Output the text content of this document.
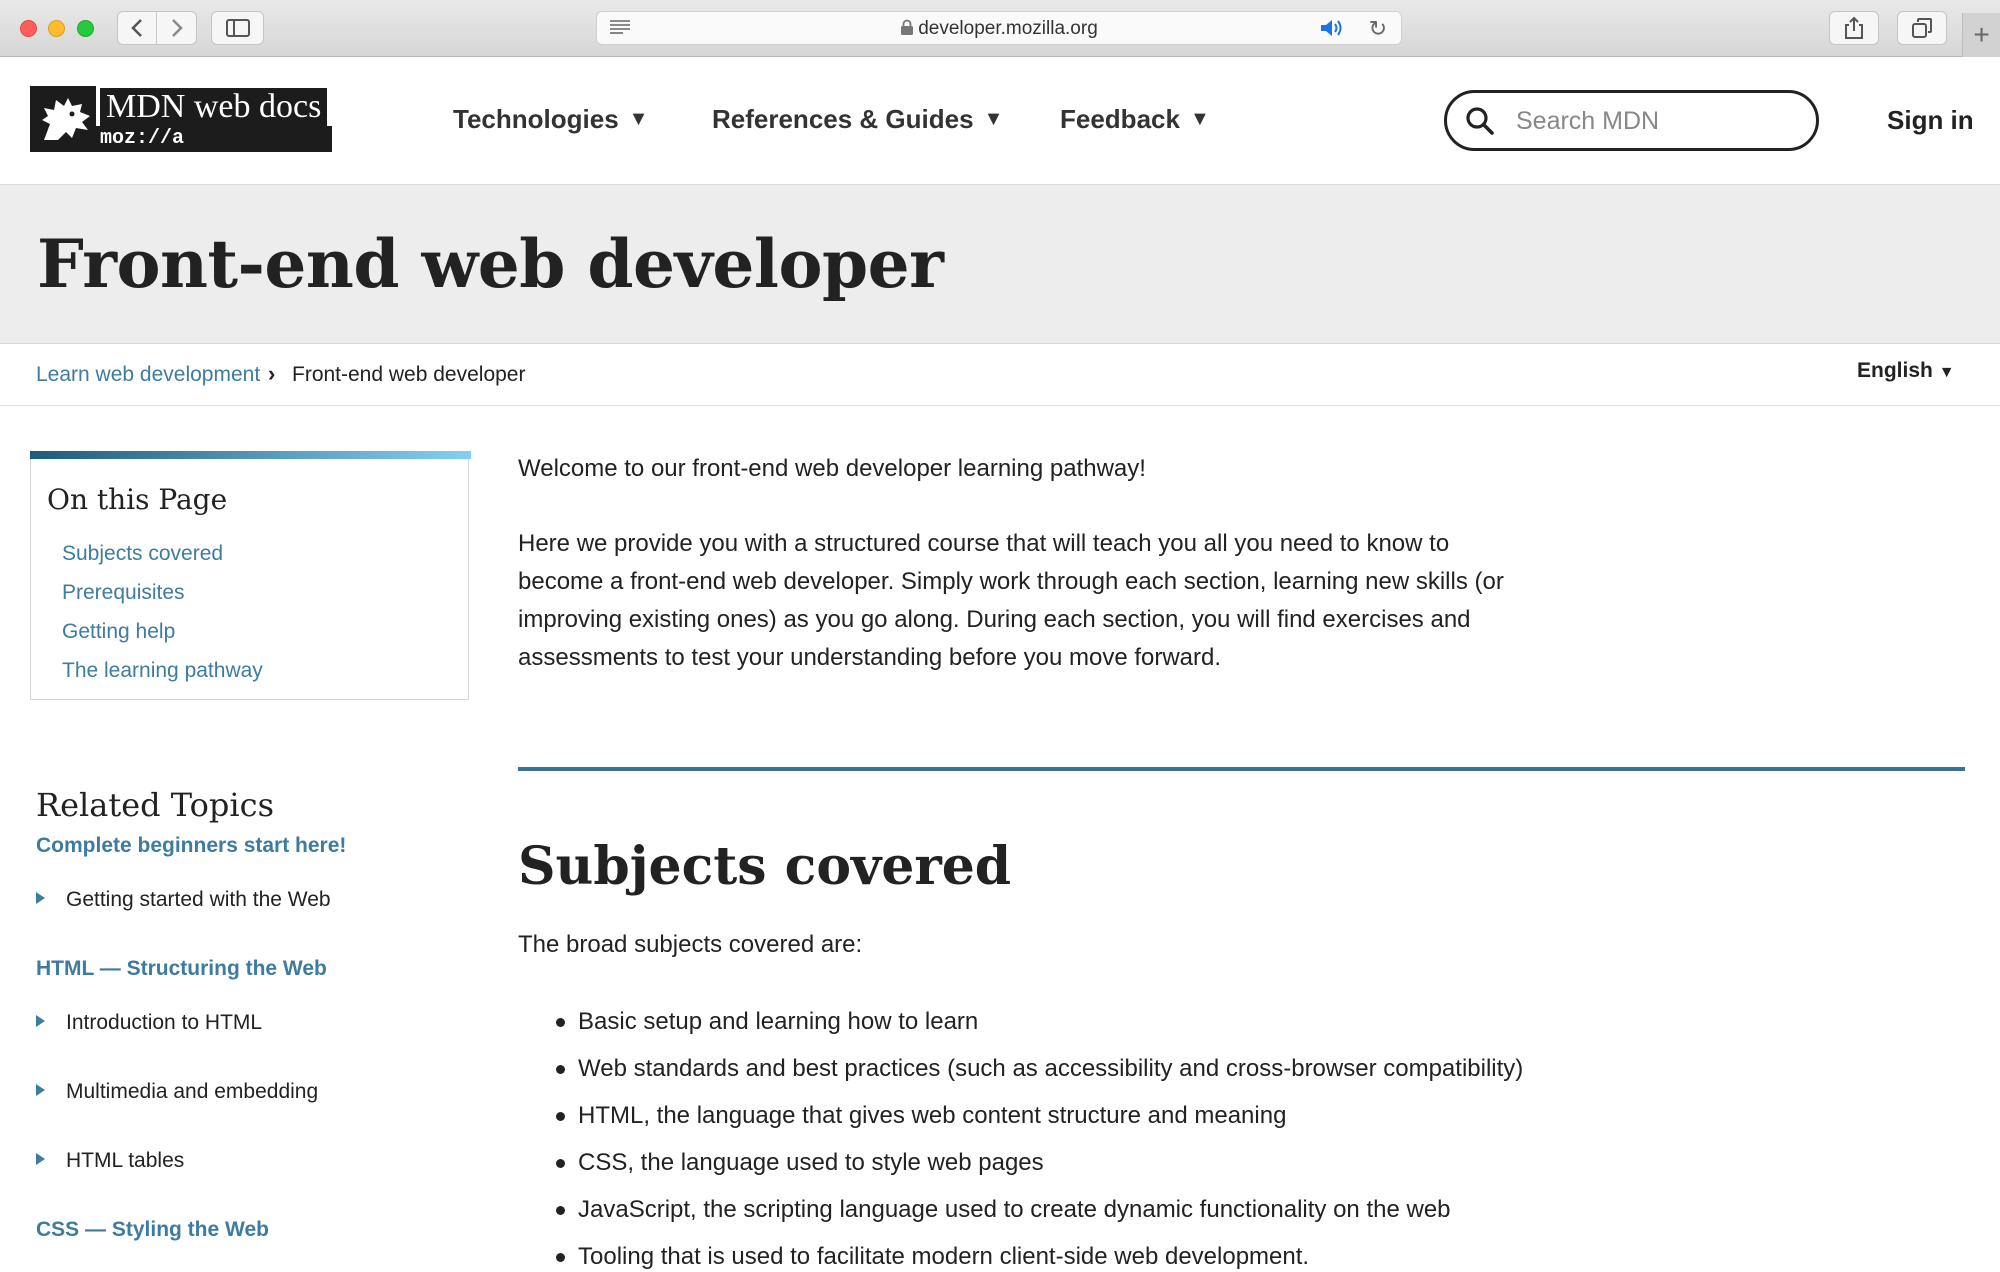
developer.mozilla.org	↻	+
MDN web docs
moz://a
Technologies ▼ References & Guides ▼ Feedback ▼	Search MDN	Sign in
Front-end web developer
Learn web development › Front-end web developer	English ▼
On this Page
Subjects covered
Prerequisites
Getting help
The learning pathway
Related Topics
Complete beginners start here!
Getting started with the Web
HTML — Structuring the Web
Introduction to HTML
Multimedia and embedding
HTML tables
CSS — Styling the Web

Welcome to our front-end web developer learning pathway!

Here we provide you with a structured course that will teach you all you need to know to become a front-end web developer. Simply work through each section, learning new skills (or improving existing ones) as you go along. During each section, you will find exercises and assessments to test your understanding before you move forward.

Subjects covered

The broad subjects covered are:

Basic setup and learning how to learn
Web standards and best practices (such as accessibility and cross-browser compatibility)
HTML, the language that gives web content structure and meaning
CSS, the language used to style web pages
JavaScript, the scripting language used to create dynamic functionality on the web
Tooling that is used to facilitate modern client-side web development.
